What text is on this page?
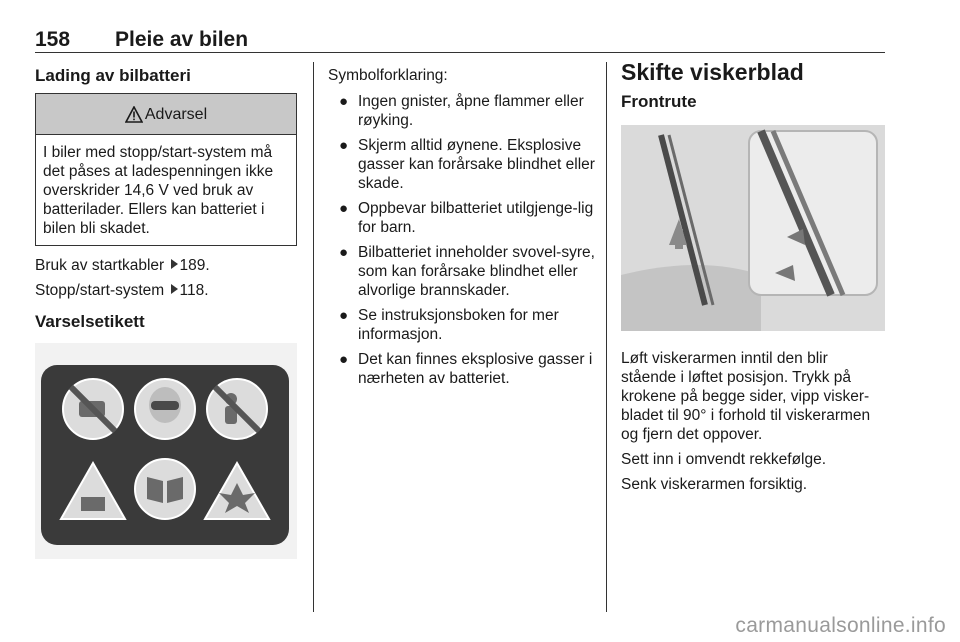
158 Pleie av bilen
Lading av bilbatteri
Advarsel
I biler med stopp/start-system må det påses at ladespenningen ikke overskrider 14,6 V ved bruk av batterilader. Ellers kan batteriet i bilen bli skadet.

Bruk av startkabler 189.

Stopp/start-system 118.

Varselsetikett

Symbolforklaring:

● Ingen gnister, åpne flammer eller røyking.
● Skjerm alltid øynene. Eksplosive gasser kan forårsake blindhet eller skade.
● Oppbevar bilbatteriet utilgjenge-lig for barn.
● Bilbatteriet inneholder svovel-syre, som kan forårsake blindhet eller alvorlige brannskader.
● Se instruksjonsboken for mer informasjon.
● Det kan finnes eksplosive gasser i nærheten av batteriet.
Skifte viskerblad
Frontrute

Løft viskerarmen inntil den blir stående i løftet posisjon. Trykk på krokene på begge sider, vipp visker-bladet til 90° i forhold til viskerarmen og fjern det oppover.

Sett inn i omvendt rekkefølge.

Senk viskerarmen forsiktig.

carmanualsonline.info
